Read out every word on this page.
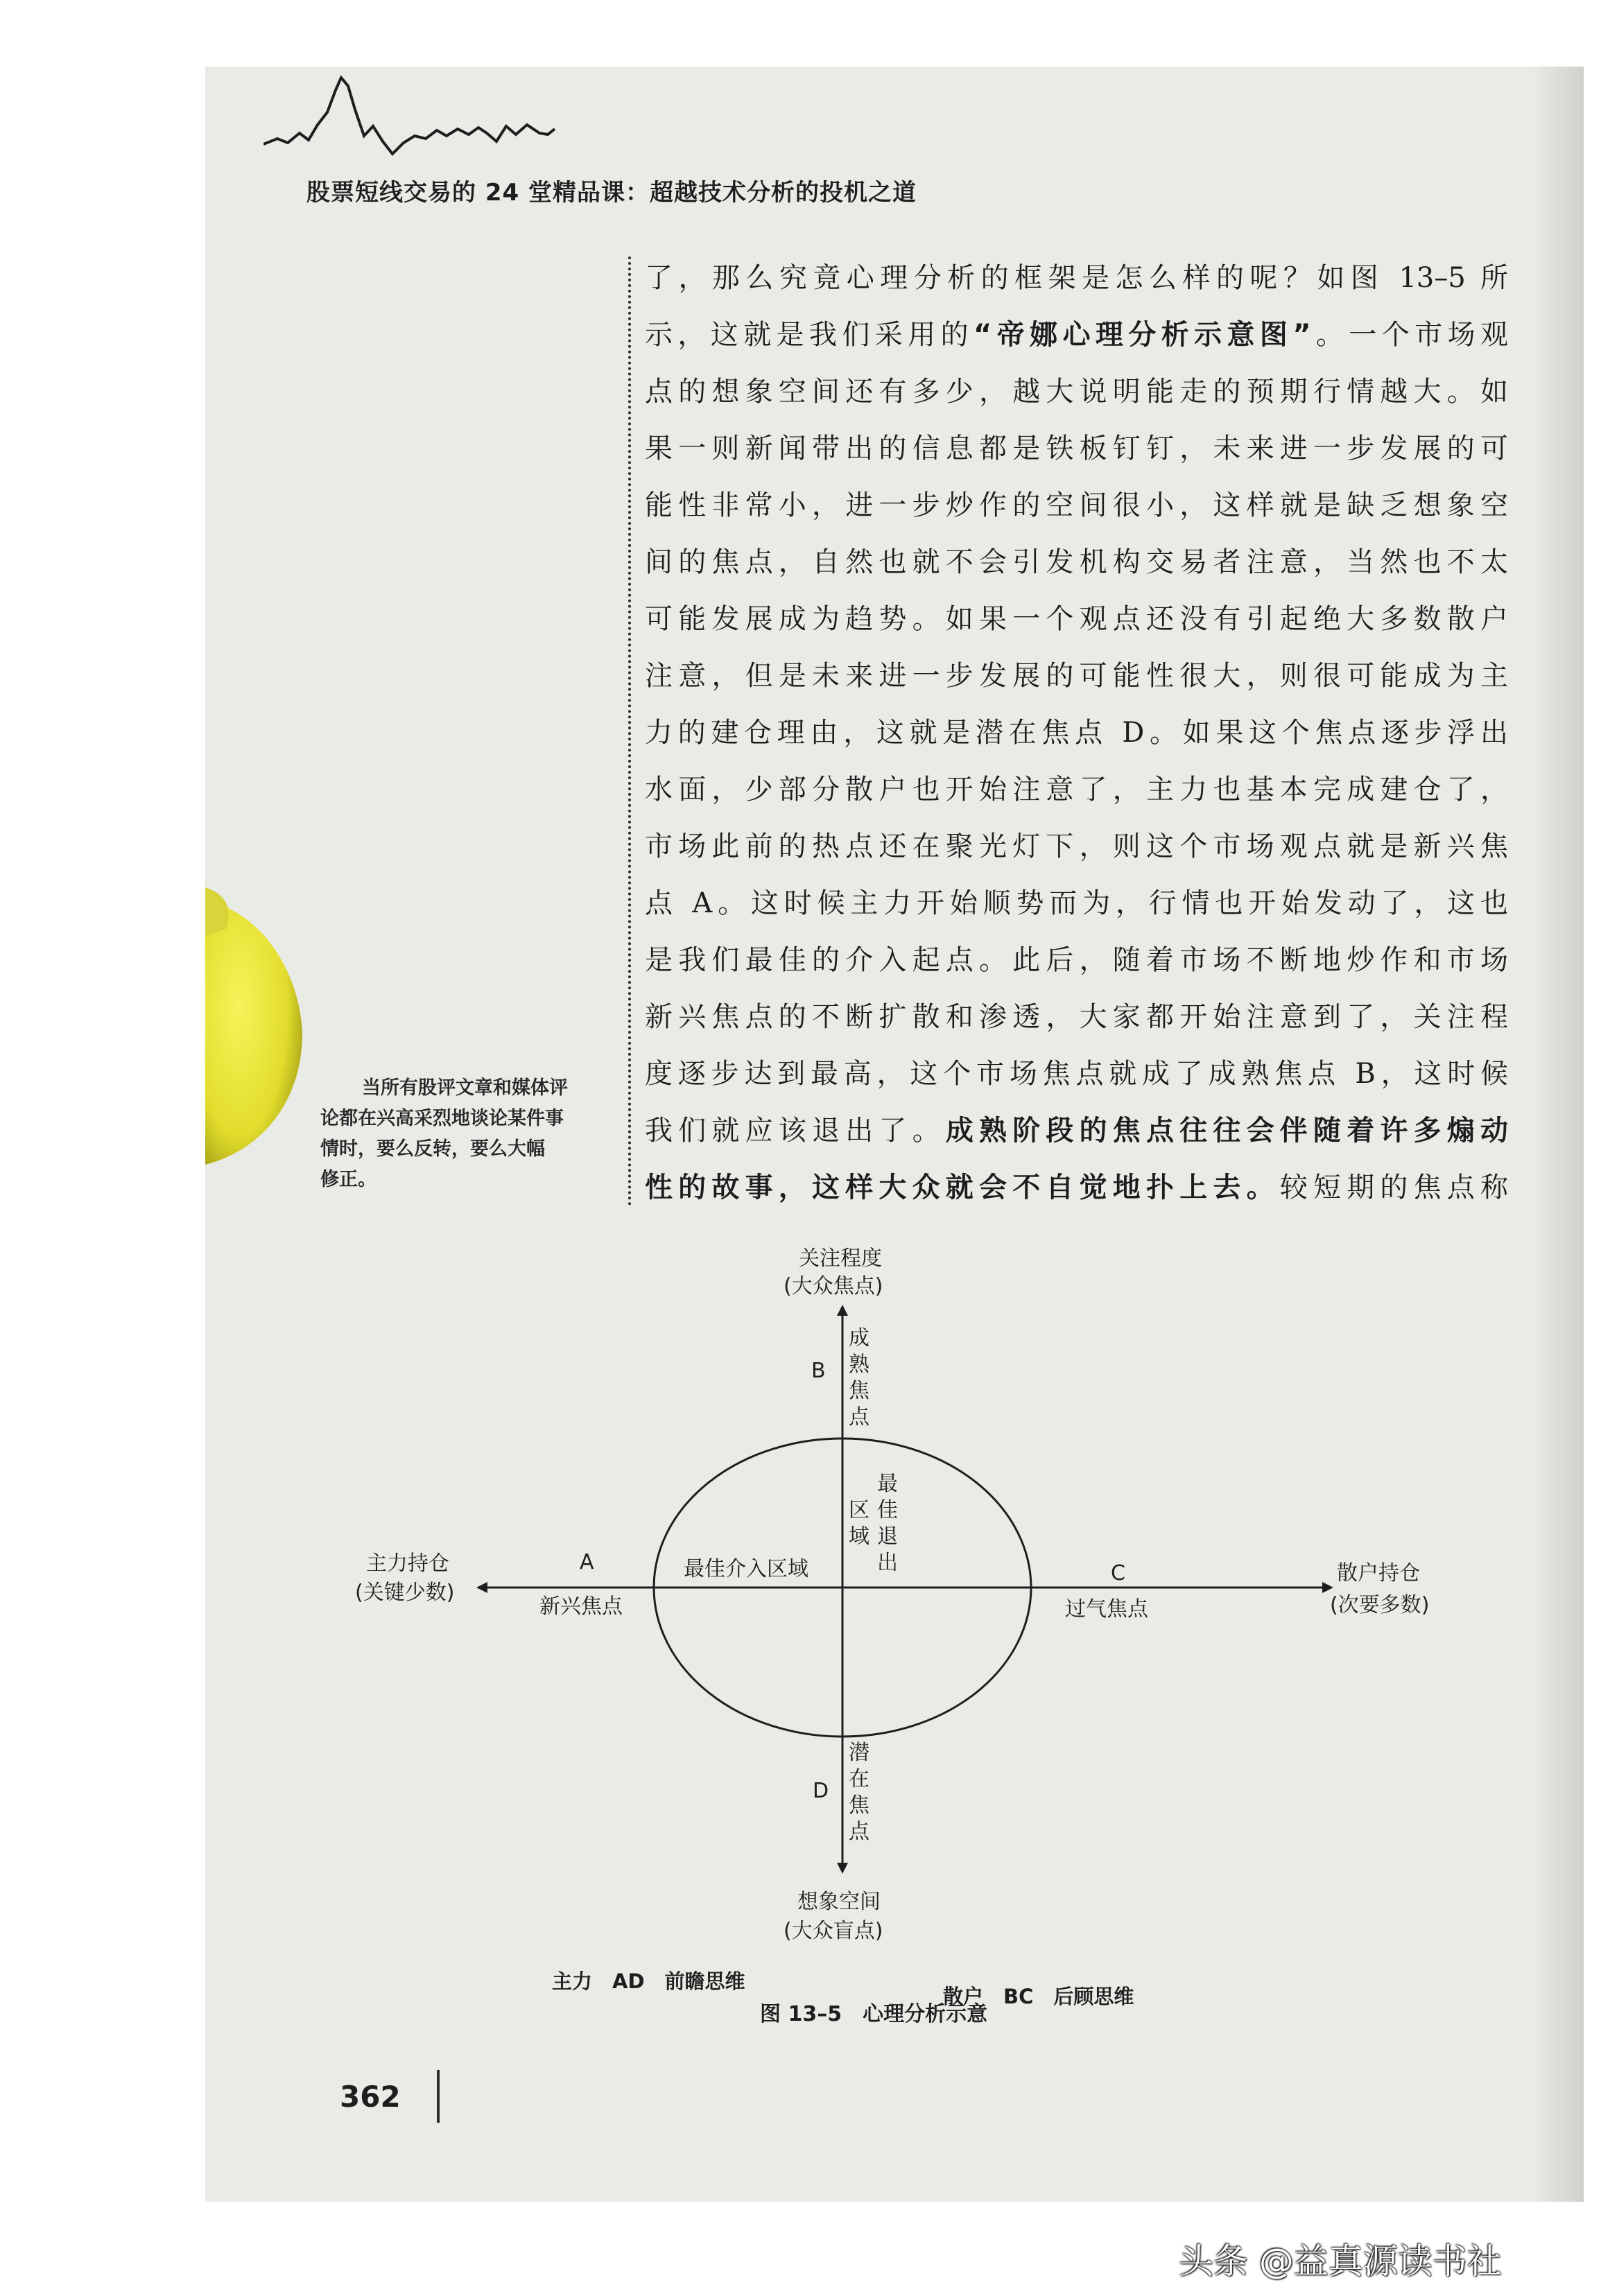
股票短线交易的 24 堂精品课：超越技术分析的投机之道
了，那么究竟心理分析的框架是怎么样的呢？如图 13–5 所
示，这就是我们采用的“帝娜心理分析示意图”。一个市场观
点的想象空间还有多少，越大说明能走的预期行情越大。如
果一则新闻带出的信息都是铁板钉钉，未来进一步发展的可
能性非常小，进一步炒作的空间很小，这样就是缺乏想象空
间的焦点，自然也就不会引发机构交易者注意，当然也不太
可能发展成为趋势。如果一个观点还没有引起绝大多数散户
注意，但是未来进一步发展的可能性很大，则很可能成为主
力的建仓理由，这就是潜在焦点 D。如果这个焦点逐步浮出
水面，少部分散户也开始注意了，主力也基本完成建仓了，
市场此前的热点还在聚光灯下，则这个市场观点就是新兴焦
点 A。这时候主力开始顺势而为，行情也开始发动了，这也
是我们最佳的介入起点。此后，随着市场不断地炒作和市场
新兴焦点的不断扩散和渗透，大家都开始注意到了，关注程
度逐步达到最高，这个市场焦点就成了成熟焦点 B，这时候
我们就应该退出了。成熟阶段的焦点往往会伴随着许多煽动
性的故事，这样大众就会不自觉地扑上去。较短期的焦点称
当所有股评文章和媒体评
论都在兴高采烈地谈论某件事
情时，要么反转，要么大幅
修正。
关注程度
(大众焦点)
成熟焦点
B
最佳退出
区域
最佳介入区域
主力持仓
(关键少数)
A
新兴焦点
C
过气焦点
散户持仓
(次要多数)
潜在焦点
D
想象空间
(大众盲点)
主力　AD　前瞻思维
散户　BC　后顾思维
图 13–5　心理分析示意
362
头条 @益真源读书社
